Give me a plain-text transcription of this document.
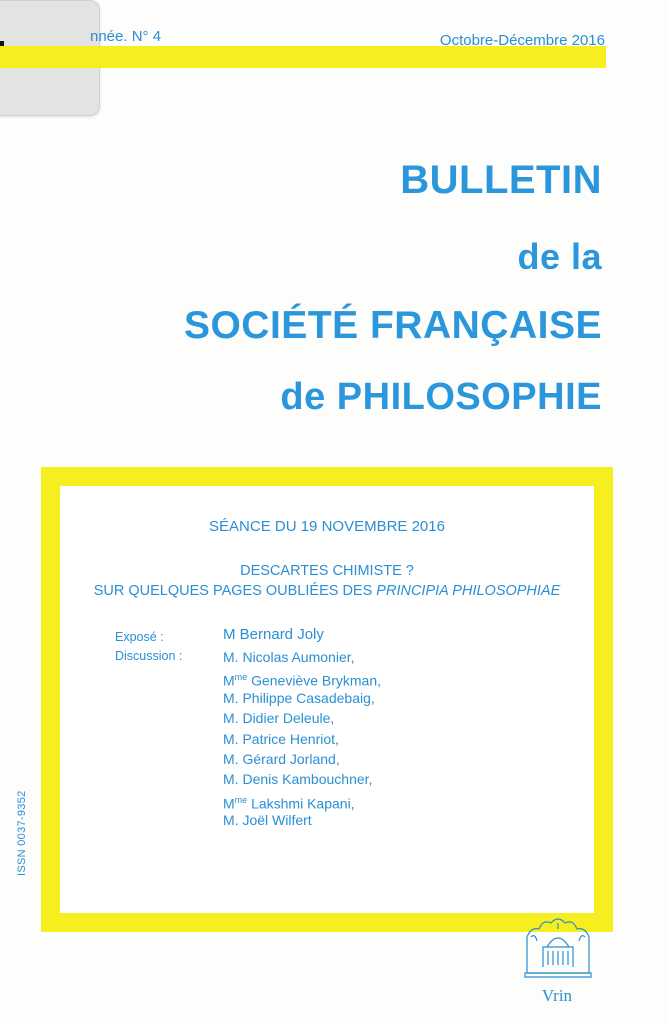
nnée. N° 4	Octobre-Décembre 2016
BULLETIN
de la
SOCIÉTÉ FRANÇAISE
de PHILOSOPHIE
SÉANCE DU 19 NOVEMBRE 2016
DESCARTES CHIMISTE ?
SUR QUELQUES PAGES OUBLIÉES DES PRINCIPIA PHILOSOPHIAE
Exposé :
Discussion :
M Bernard Joly
M. Nicolas Aumonier,
$M^{me}$ Geneviève Brykman,
M. Philippe Casadebaig,
M. Didier Deleule,
M. Patrice Henriot,
M. Gérard Jorland,
M. Denis Kambouchner,
$M^{me}$ Lakshmi Kapani,
M. Joël Wilfert
ISSN 0037-9352
Vrin
